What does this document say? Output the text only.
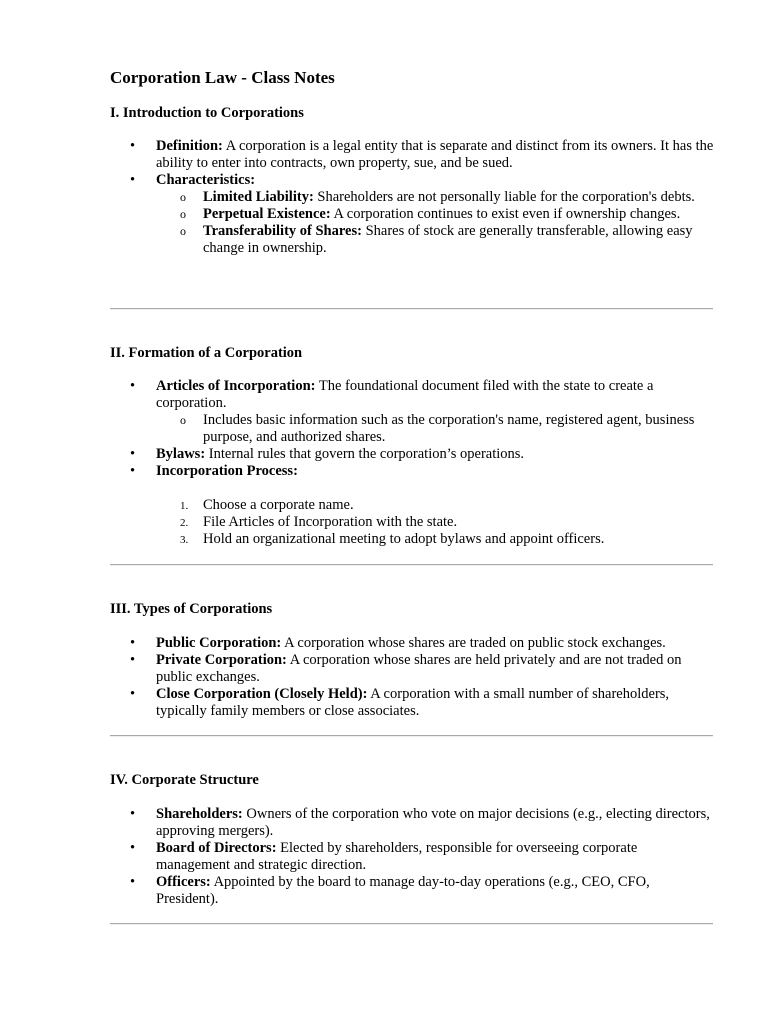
Corporation Law - Class Notes
I. Introduction to Corporations
• Definition: A corporation is a legal entity that is separate and distinct from its owners. It has the ability to enter into contracts, own property, sue, and be sued.
• Characteristics:
o Limited Liability: Shareholders are not personally liable for the corporation's debts.
o Perpetual Existence: A corporation continues to exist even if ownership changes.
o Transferability of Shares: Shares of stock are generally transferable, allowing easy change in ownership.
II. Formation of a Corporation
• Articles of Incorporation: The foundational document filed with the state to create a corporation.
o Includes basic information such as the corporation's name, registered agent, business purpose, and authorized shares.
• Bylaws: Internal rules that govern the corporation’s operations.
• Incorporation Process:
1. Choose a corporate name.
2. File Articles of Incorporation with the state.
3. Hold an organizational meeting to adopt bylaws and appoint officers.
III. Types of Corporations
• Public Corporation: A corporation whose shares are traded on public stock exchanges.
• Private Corporation: A corporation whose shares are held privately and are not traded on public exchanges.
• Close Corporation (Closely Held): A corporation with a small number of shareholders, typically family members or close associates.
IV. Corporate Structure
• Shareholders: Owners of the corporation who vote on major decisions (e.g., electing directors, approving mergers).
• Board of Directors: Elected by shareholders, responsible for overseeing corporate management and strategic direction.
• Officers: Appointed by the board to manage day-to-day operations (e.g., CEO, CFO, President).
